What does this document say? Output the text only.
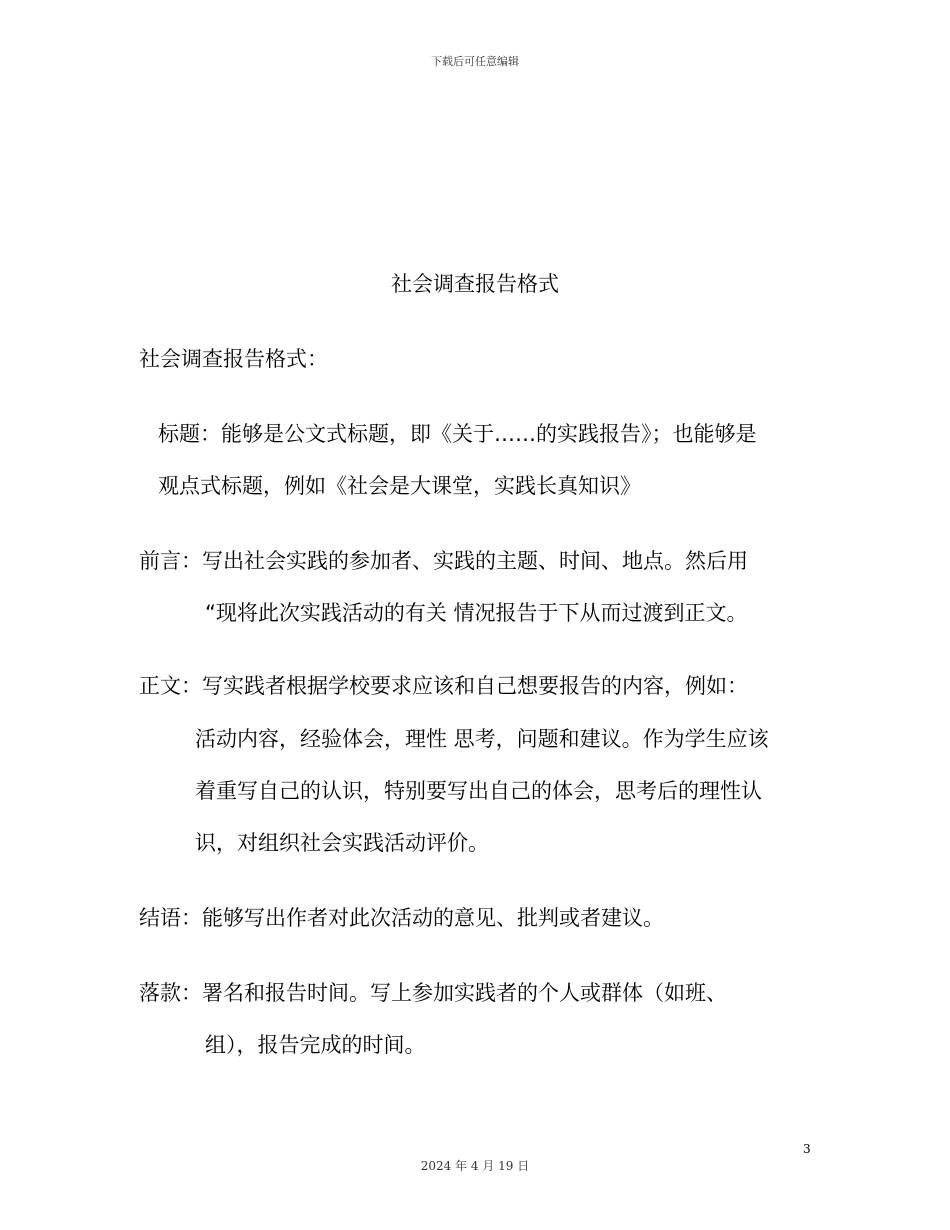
下载后可任意编辑
社会调查报告格式
社会调查报告格式：
标题：能够是公文式标题，即《关于……的实践报告》；也能够是
观点式标题，例如《社会是大课堂，实践长真知识》
前言：写出社会实践的参加者、实践的主题、时间、地点。然后用
“现将此次实践活动的有关 情况报告于下从而过渡到正文。
正文：写实践者根据学校要求应该和自己想要报告的内容，例如：
活动内容，经验体会，理性 思考，问题和建议。作为学生应该
着重写自己的认识，特别要写出自己的体会，思考后的理性认
识，对组织社会实践活动评价。
结语：能够写出作者对此次活动的意见、批判或者建议。
落款：署名和报告时间。写上参加实践者的个人或群体（如班、
组），报告完成的时间。
3
2024 年 4 月 19 日
